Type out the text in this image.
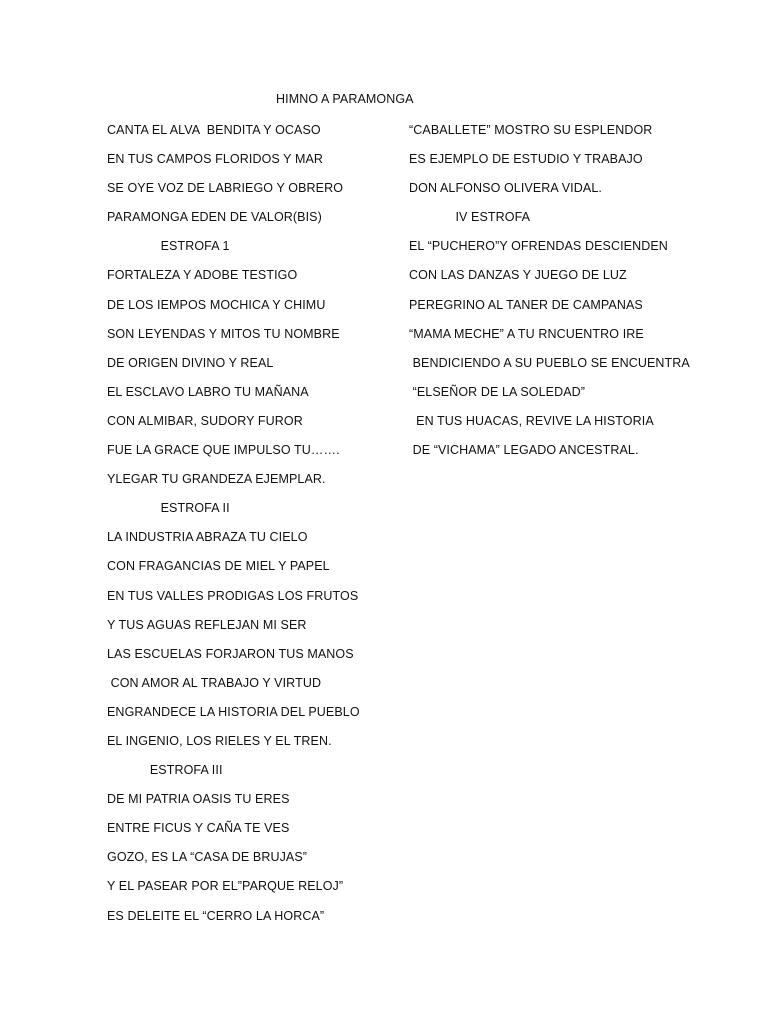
HIMNO A PARAMONGA
CANTA EL ALVA  BENDITA Y OCASO
EN TUS CAMPOS FLORIDOS Y MAR
SE OYE VOZ DE LABRIEGO Y OBRERO
PARAMONGA EDEN DE VALOR(BIS)
ESTROFA 1
FORTALEZA Y ADOBE TESTIGO
DE LOS IEMPOS MOCHICA Y CHIMU
SON LEYENDAS Y MITOS TU NOMBRE
DE ORIGEN DIVINO Y REAL
EL ESCLAVO LABRO TU MAÑANA
CON ALMIBAR, SUDORY FUROR
FUE LA GRACE QUE IMPULSO TU…….
YLEGAR TU GRANDEZA EJEMPLAR.
ESTROFA II
LA INDUSTRIA ABRAZA TU CIELO
CON FRAGANCIAS DE MIEL Y PAPEL
EN TUS VALLES PRODIGAS LOS FRUTOS
Y TUS AGUAS REFLEJAN MI SER
LAS ESCUELAS FORJARON TUS MANOS
CON AMOR AL TRABAJO Y VIRTUD
ENGRANDECE LA HISTORIA DEL PUEBLO
EL INGENIO, LOS RIELES Y EL TREN.
ESTROFA III
DE MI PATRIA OASIS TU ERES
ENTRE FICUS Y CAÑA TE VES
GOZO, ES LA “CASA DE BRUJAS”
Y EL PASEAR POR EL”PARQUE RELOJ”
ES DELEITE EL “CERRO LA HORCA”
“CABALLETE” MOSTRO SU ESPLENDOR
ES EJEMPLO DE ESTUDIO Y TRABAJO
DON ALFONSO OLIVERA VIDAL.
IV ESTROFA
EL “PUCHERO”Y OFRENDAS DESCIENDEN
CON LAS DANZAS Y JUEGO DE LUZ
PEREGRINO AL TANER DE CAMPANAS
“MAMA MECHE” A TU RNCUENTRO IRE
BENDICIENDO A SU PUEBLO SE ENCUENTRA
“ELSEÑOR DE LA SOLEDAD”
EN TUS HUACAS, REVIVE LA HISTORIA
DE “VICHAMA” LEGADO ANCESTRAL.
